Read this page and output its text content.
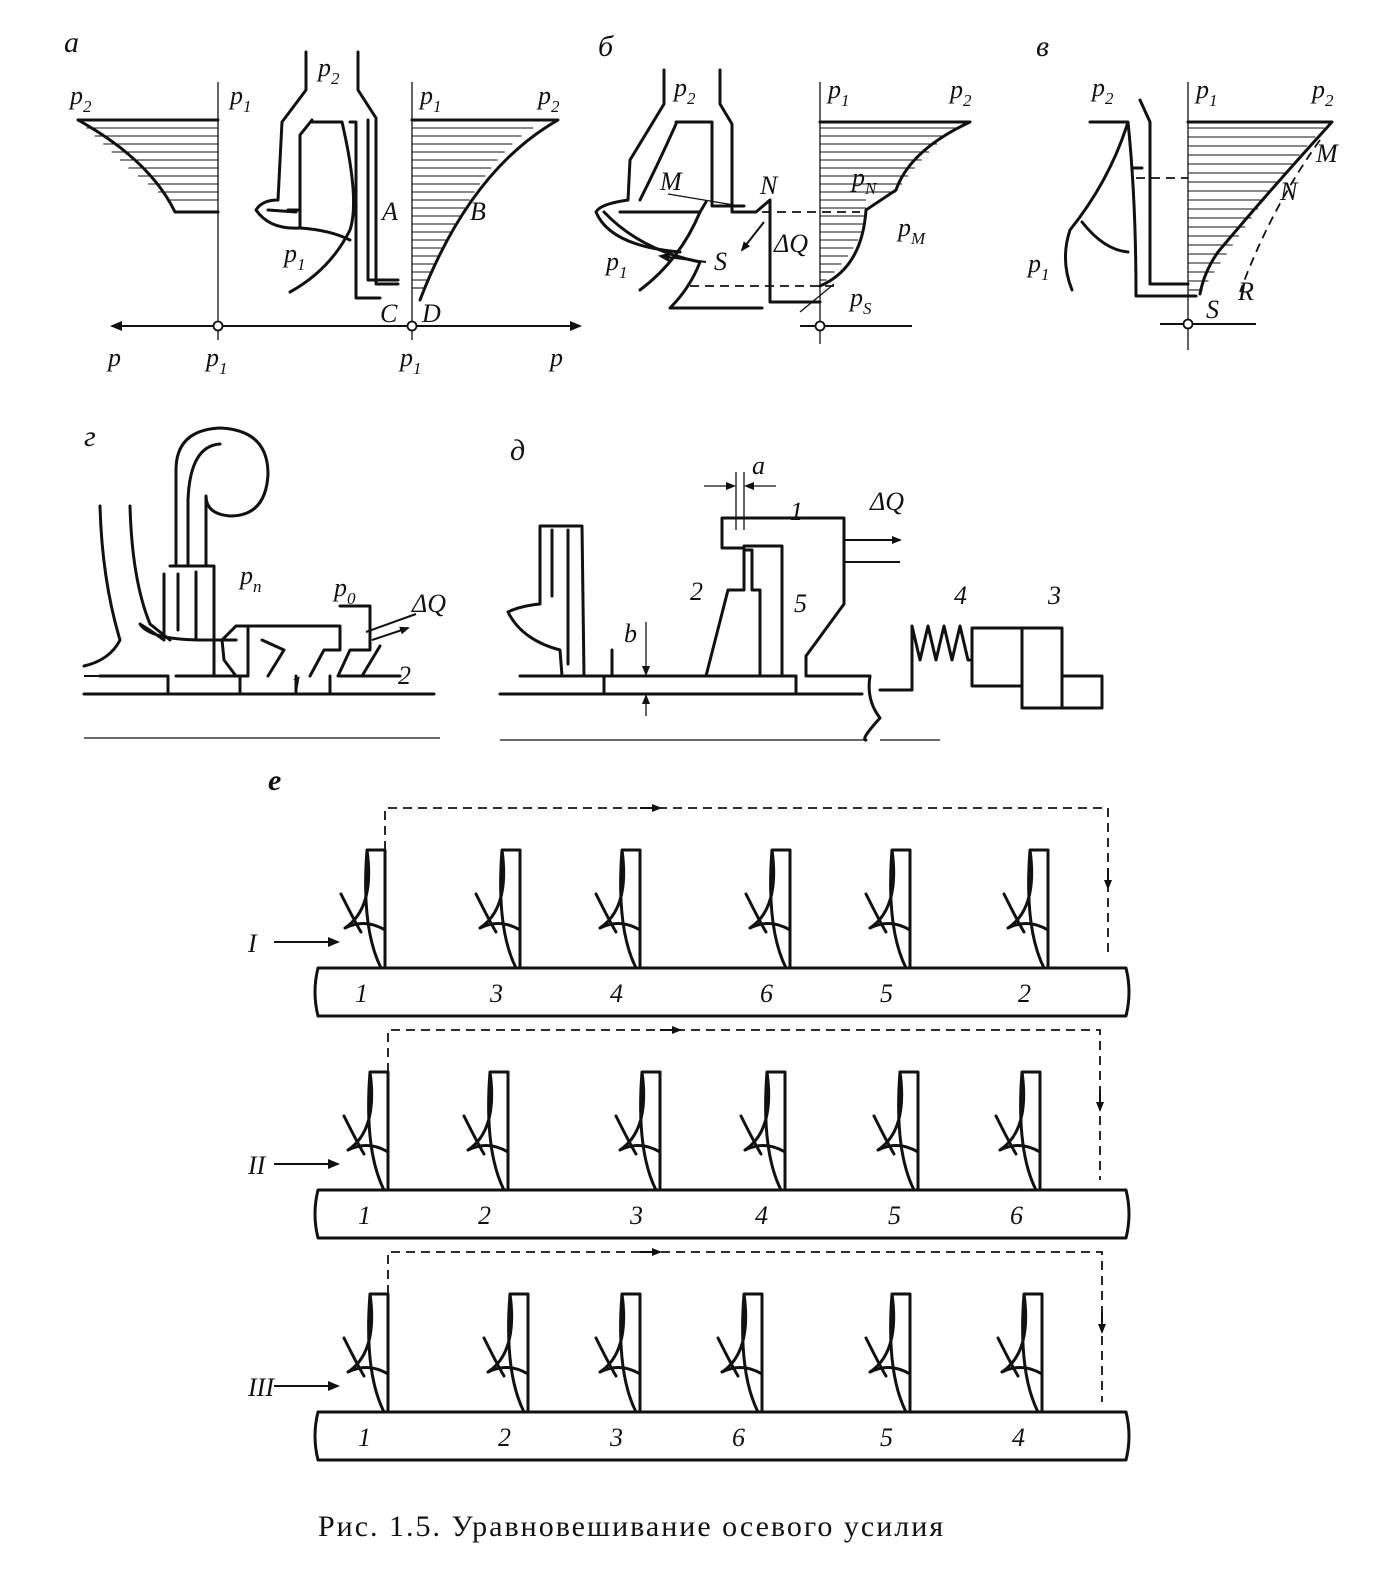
а
$p_2$	$p_1$
$p_2$
$p_1$	$p_2$
$p_1$
A	B
C D
p	$p_1$	$p_1$	p
б
$p_2$	$p_1$	$p_2$
M	N
S
ΔQ
$p_1$
$p_N$
$p_M$
$p_S$
в
$p_2$	$p_1$	$p_2$
M
N
S
R
$p_1$
г
$p_п$	$p_0$ ΔQ
1	2
д	a
b
ΔQ
1
2	3
4
5
е
I
1	3	4	6	5	2
II
1	2	3	4	5	6
III
1	2	3	6	5	4
Рис. 1.5. Уравновешивание осевого усилия
